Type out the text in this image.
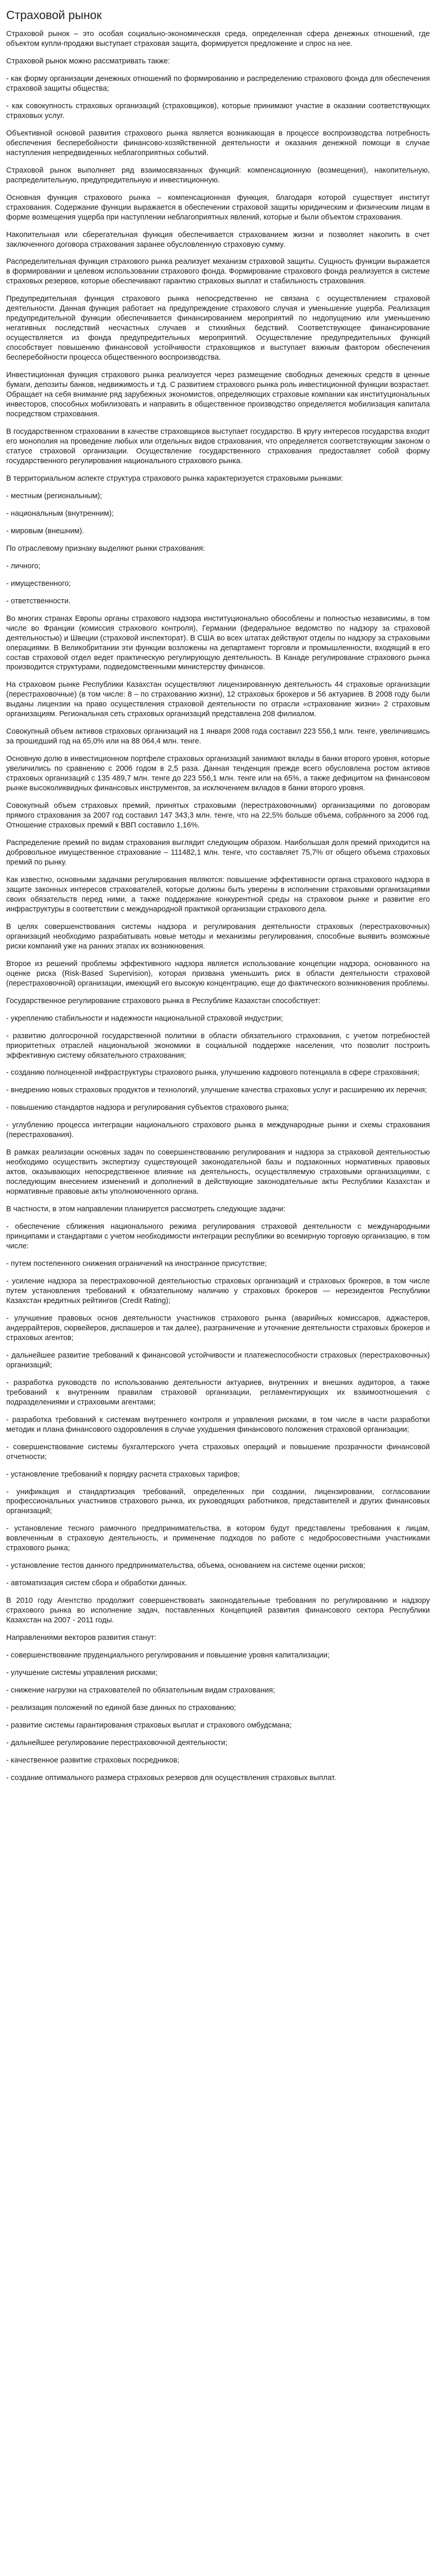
Страховой рынок

Страховой рынок – это особая социально-экономическая среда, определенная сфера денежных отношений, где объектом купли-продажи выступает страховая защита, формируется предложение и спрос на нее.

Страховой рынок можно рассматривать также:

- как форму организации денежных отношений по формированию и распределению страхового фонда для обеспечения страховой защиты общества;

- как совокупность страховых организаций (страховщиков), которые принимают участие в оказании соответствующих страховых услуг.

Объективной основой развития страхового рынка является возникающая в процессе воспроизводства потребность обеспечения бесперебойности финансово-хозяйственной деятельности и оказания денежной помощи в случае наступления непредвиденных неблагоприятных событий.

Страховой рынок выполняет ряд взаимосвязанных функций: компенсационную (возмещения), накопительную, распределительную, предупредительную и инвестиционную.

Основная функция страхового рынка – компенсационная функция, благодаря которой существует институт страхования. Содержание функции выражается в обеспечении страховой защиты юридическим и физическим лицам в форме возмещения ущерба при наступлении неблагоприятных явлений, которые и были объектом страхования.

Накопительная или сберегательная функция обеспечивается страхованием жизни и позволяет накопить в счет заключенного договора страхования заранее обусловленную страховую сумму.

Распределительная функция страхового рынка реализует механизм страховой защиты. Сущность функции выражается в формировании и целевом использовании страхового фонда. Формирование страхового фонда реализуется в системе страховых резервов, которые обеспечивают гарантию страховых выплат и стабильность страхования.

Предупредительная функция страхового рынка непосредственно не связана с осуществлением страховой деятельности. Данная функция работает на предупреждение страхового случая и уменьшение ущерба. Реализация предупредительной функции обеспечивается финансированием мероприятий по недопущению или уменьшению негативных последствий несчастных случаев и стихийных бедствий. Соответствующее финансирование осуществляется из фонда предупредительных мероприятий. Осуществление предупредительных функций способствует повышению финансовой устойчивости страховщиков и выступает важным фактором обеспечения бесперебойности процесса общественного воспроизводства.

Инвестиционная функция страхового рынка реализуется через размещение свободных денежных средств в ценные бумаги, депозиты банков, недвижимость и т.д. С развитием страхового рынка роль инвестиционной функции возрастает. Обращает на себя внимание ряд зарубежных экономистов, определяющих страховые компании как институциональных инвесторов, способных мобилизовать и направить в общественное производство определяется мобилизация капитала посредством страхования.

В государственном страховании в качестве страховщиков выступает государство. В кругу интересов государства входит его монополия на проведение любых или отдельных видов страхования, что определяется соответствующим законом о статусе страховой организации. Осуществление государственного страхования предоставляет собой форму государственного регулирования национального страхового рынка.

В территориальном аспекте структура страхового рынка характеризуется страховыми рынками:

- местным (региональным);

- национальным (внутренним);

- мировым (внешним).

По отраслевому признаку выделяют рынки страхования:

- личного;

- имущественного;

- ответственности.

Во многих странах Европы органы страхового надзора институционально обособлены и полностью независимы, в том числе во Франции (комиссия страхового контроля), Германии (федеральное ведомство по надзору за страховой деятельностью) и Швеции (страховой инспекторат). В США во всех штатах действуют отделы по надзору за страховыми операциями. В Великобритании эти функции возложены на департамент торговли и промышленности, входящий в его состав страховой отдел ведет практическую регулирующую деятельность. В Канаде регулирование страхового рынка производится структурами, подведомственными министерству финансов.

На страховом рынке Республики Казахстан осуществляют лицензированную деятельность 44 страховые организации (перестраховочные) (в том числе: 8 – по страхованию жизни), 12 страховых брокеров и 56 актуариев. В 2008 году были выданы лицензии на право осуществления страховой деятельности по отрасли «страхование жизни» 2 страховым организациям. Региональная сеть страховых организаций представлена 208 филиалом.

Совокупный объем активов страховых организаций на 1 января 2008 года составил 223 556,1 млн. тенге, увеличившись за прошедший год на 65,0% или на 88 064,4 млн. тенге.

Основную долю в инвестиционном портфеле страховых организаций занимают вклады в банки второго уровня, которые увеличились по сравнению с 2006 годом в 2,5 раза. Данная тенденция прежде всего обусловлена ростом активов страховых организаций с 135 489,7 млн. тенге до 223 556,1 млн. тенге или на 65%, а также дефицитом на финансовом рынке высоколиквидных финансовых инструментов, за исключением вкладов в банки второго уровня.

Совокупный объем страховых премий, принятых страховыми (перестраховочными) организациями по договорам прямого страхования за 2007 год составил 147 343,3 млн. тенге, что на 22,5% больше объема, собранного за 2006 год. Отношение страховых премий к ВВП составило 1,16%.

Распределение премий по видам страхования выглядит следующим образом. Наибольшая доля премий приходится на добровольное имущественное страхование – 111482,1 млн. тенге, что составляет 75,7% от общего объема страховых премий по рынку.

Как известно, основными задачами регулирования являются: повышение эффективности органа страхового надзора в защите законных интересов страхователей, которые должны быть уверены в исполнении страховыми организациями своих обязательств перед ними, а также поддержание конкурентной среды на страховом рынке и развитие его инфраструктуры в соответствии с международной практикой организации страхового дела.

В целях совершенствования системы надзора и регулирования деятельности страховых (перестраховочных) организаций необходимо разрабатывать новые методы и механизмы регулирования, способные выявить возможные риски компаний уже на ранних этапах их возникновения.

Второе из решений проблемы эффективного надзора является использование концепции надзора, основанного на оценке риска (Risk-Based Supervision), которая призвана уменьшить риск в области деятельности страховой (перестраховочной) организации, имеющий его высокую концентрацию, еще до фактического возникновения проблемы.

Государственное регулирование страхового рынка в Республике Казахстан способствует:

- укреплению стабильности и надежности национальной страховой индустрии;

- развитию долгосрочной государственной политики в области обязательного страхования, с учетом потребностей приоритетных отраслей национальной экономики в социальной поддержке населения, что позволит построить эффективную систему обязательного страхования;

- созданию полноценной инфраструктуры страхового рынка, улучшению кадрового потенциала в сфере страхования;

- внедрению новых страховых продуктов и технологий, улучшение качества страховых услуг и расширению их перечня;

- повышению стандартов надзора и регулирования субъектов страхового рынка;

- углублению процесса интеграции национального страхового рынка в международные рынки и схемы страхования (перестрахования).

В рамках реализации основных задач по совершенствованию регулирования и надзора за страховой деятельностью необходимо осуществить экспертизу существующей законодательной базы и подзаконных нормативных правовых актов, оказывающих непосредственное влияние на деятельность, осуществляемую страховыми организациями, с последующим внесением изменений и дополнений в действующие законодательные акты Республики Казахстан и нормативные правовые акты уполномоченного органа.

В частности, в этом направлении планируется рассмотреть следующие задачи:

- обеспечение сближения национального режима регулирования страховой деятельности с международными принципами и стандартами с учетом необходимости интеграции республики во всемирную торговую организацию, в том числе:

- путем постепенного снижения ограничений на иностранное присутствие;

- усиление надзора за перестраховочной деятельностью страховых организаций и страховых брокеров, в том числе путем установления требований к обязательному наличию у страховых брокеров — нерезидентов Республики Казахстан кредитных рейтингов (Credit Rating);

- улучшение правовых основ деятельности участников страхового рынка (аварийных комиссаров, аджастеров, андеррайтеров, сюрвейеров, диспашеров и так далее), разграничение и уточнение деятельности страховых брокеров и страховых агентов;

- дальнейшее развитие требований к финансовой устойчивости и платежеспособности страховых (перестраховочных) организаций;

- разработка руководств по использованию деятельности актуариев, внутренних и внешних аудиторов, а также требований к внутренним правилам страховой организации, регламентирующих их взаимоотношения с подразделениями и страховыми агентами;

- разработка требований к системам внутреннего контроля и управления рисками, в том числе в части разработки методик и плана финансового оздоровления в случае ухудшения финансового положения страховой организации;

- совершенствование системы бухгалтерского учета страховых операций и повышение прозрачности финансовой отчетности;

- установление требований к порядку расчета страховых тарифов;

- унификация и стандартизация требований, определенных при создании, лицензировании, согласовании профессиональных участников страхового рынка, их руководящих работников, представителей и других финансовых организаций;

- установление тесного рамочного предпринимательства, в котором будут представлены требования к лицам, вовлеченным в страховую деятельность, и применение подходов по работе с недобросовестными участниками страхового рынка;

- установление тестов данного предпринимательства, объема, основанием на системе оценки рисков;

- автоматизация систем сбора и обработки данных.

В 2010 году Агентство продолжит совершенствовать законодательные требования по регулированию и надзору страхового рынка во исполнение задач, поставленных Концепцией развития финансового сектора Республики Казахстан на 2007 - 2011 годы.

Направлениями векторов развития станут:

- совершенствование пруденциального регулирования и повышение уровня капитализации;

- улучшение системы управления рисками;

- снижение нагрузки на страхователей по обязательным видам страхования;

- реализация положений по единой базе данных по страхованию;

- развитие системы гарантирования страховых выплат и страхового омбудсмана;

- дальнейшее регулирование перестраховочной деятельности;

- качественное развитие страховых посредников;

- создание оптимального размера страховых резервов для осуществления страховых выплат.
